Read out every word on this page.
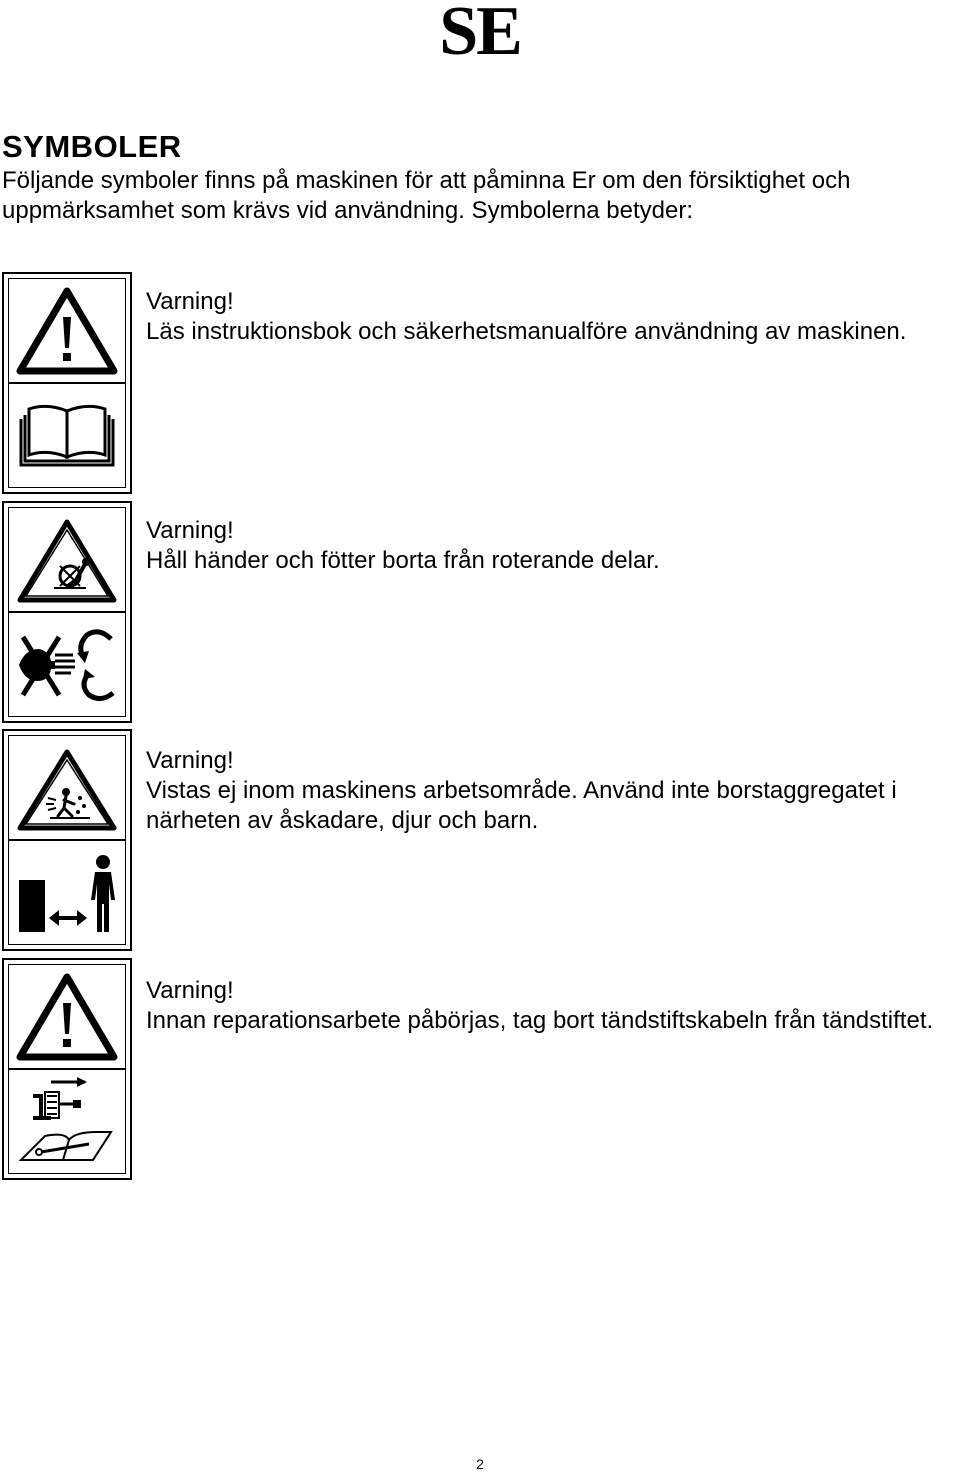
SE
SYMBOLER
Följande symboler finns på maskinen för att påminna Er om den försiktighet och uppmärksamhet som krävs vid användning. Symbolerna betyder:

Varning!

Läs instruktionsbok och säkerhetsmanualföre användning av maskinen.

Varning!

Håll händer och fötter borta från roterande delar.

Varning!

Vistas ej inom maskinens arbetsområde. Använd inte borstaggregatet i närheten av åskadare, djur och barn.

Varning!

Innan reparationsarbete påbörjas, tag bort tändstiftskabeln från tändstiftet.

2
